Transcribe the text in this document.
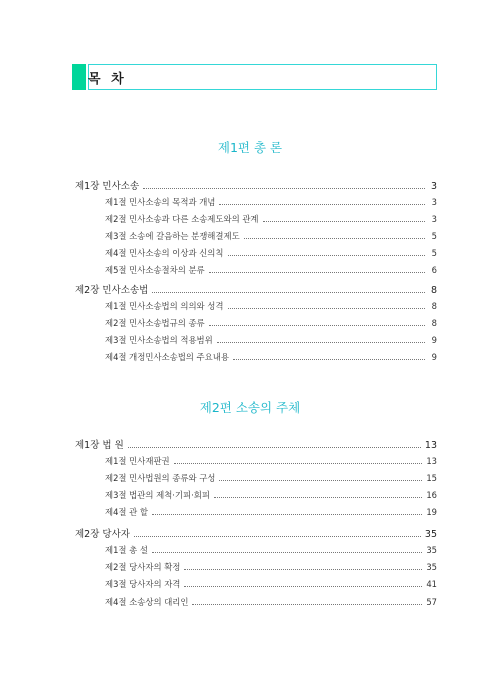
목 차
제1편 총 론
제1장 민사소송	3
제1절 민사소송의 목적과 개념	3
제2절 민사소송과 다른 소송제도와의 관계	3
제3절 소송에 갈음하는 분쟁해결제도	5
제4절 민사소송의 이상과 신의칙	5
제5절 민사소송절차의 분류	6
제2장 민사소송법	8
제1절 민사소송법의 의의와 성격	8
제2절 민사소송법규의 종류	8
제3절 민사소송법의 적용범위	9
제4절 개정민사소송법의 주요내용	9
제2편 소송의 주체
제1장 법 원	13
제1절 민사재판권	13
제2절 민사법원의 종류와 구성	15
제3절 법관의 제척·기피·회피	16
제4절 관 할	19
제2장 당사자	35
제1절 총 설	35
제2절 당사자의 확정	35
제3절 당사자의 자격	41
제4절 소송상의 대리인	57
